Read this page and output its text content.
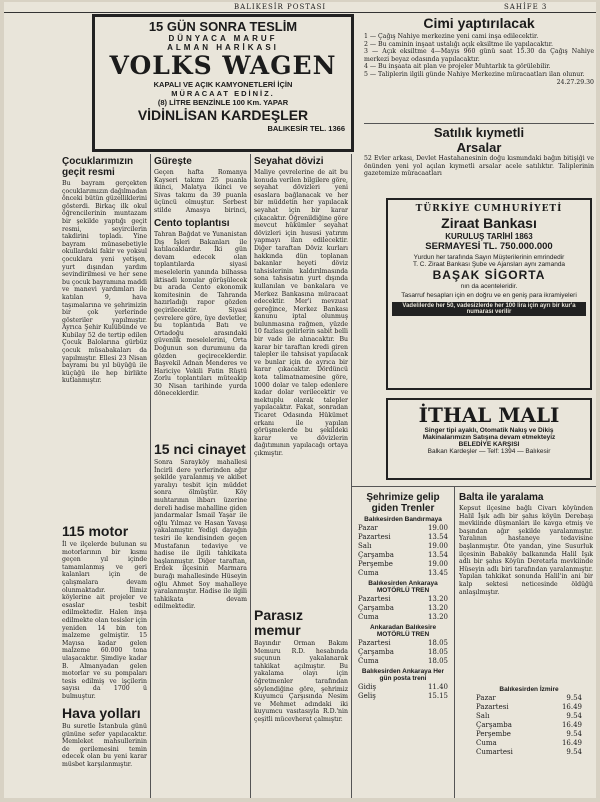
BALIKESİR POSTASI	SAHİFE 3

15 GÜN SONRA TESLİM

DÜNYACA MARUF

ALMAN HARİKASI

VOLKS WAGEN

KAPALI VE AÇIK KAMYONETLERİ İÇİN

MÜRACAAT EDİNİZ.

(8) LİTRE BENZİNLE 100 Km. YAPAR

VİDİNLİSAN KARDEŞLER

BALIKESİR TEL. 1366

Cimi yaptırılacak

1 — Çağış Nahiye merkezine yeni cami inşa edilecektir.

2 — Bu caminin inşaat ustalığı açık eksiltme ile yapılacaktır.

3 — Açık eksiltme 4—Mayıs 960 günü saat 15.30 da Çağış Nahiye merkezi beyaz odasında yapılacaktır.

4 — Bu inşaata ait plan ve projeler Muhtarlık ta görülebilir.

5 — Taliplerin ilgili günde Nahiye Merkezine müracaatları ilan olunur.

24.27.29.30

Satılık kıymetli

Arsalar

52 Evler arkası, Devlet Hastahanesinin doğu kısmındaki bağın bitişiği ve önünden yeni yol açılan kıymetli arsalar acele satılıktır. Taliplerinin gazetemize müracaatları

TÜRKİYE CUMHURİYETİ

Ziraat Bankası

KURULUŞ TARİHİ 1863

SERMAYESİ TL. 750.000.000

Yurdun her tarafında Sayın Müşterilerinin emrindedir

T. C. Ziraat Bankası Şube ve Ajansları aynı zamanda

BAŞAK SİGORTA

nın da acenteleridir.

Tasarruf hesapları için en doğru ve en geniş para ikramiyeleri

Vadelilerde her 50, vadesizlerde her 100 lira için ayrı bir kur'a numarası verilir

İTHAL MALI

Singer tipi ayaklı, Otomatik Nakış ve Dikiş

Makinalarımızın Satışına devam etmekteyiz

BELEDİYE KARŞISI

Balkan Kardeşler — Telf: 1394 — Balıkesir

Çocuklarımızın geçit resmi

Bu bayram gerçekten çocuklarımızın dağılmadan önceki bütün güzelliklerini gösterdi. Birkaç ilk okul öğrencilerinin muntazam bir şekilde yaptığı geçit resmi, seyircilerin takdirini topladı. Yine bayram münasebetiyle okullardaki fakir ve yoksul çocuklara yeni yetişen, yurt dışından yardım sevindirilmesi ve her sene bu çocuk bayramına maddi ve manevi yardımları ile katılan 9, hava taşımalarına ve şehrimizin bir çok yerlerinde gösteriler yapılmıştır. Ayrıca Şehir Kulübünde ve Kubilay 52 de tertip edilen Çocuk Balolarına gürbüz çocuk müsabakaları da yapılmıştır. Ellesi 23 Nisan bayramı bu yıl büyüğü ile küçüğü ile hep birlikte kutlanmıştır.

115 motor

İl ve ilçelerde bulunan su motorlarının bir kısmı geçen yıl içinde tamamlanmış ve geri kalanları için de çalışmalara devam olunmaktadır. İlimiz köylerine ait projeler ve esaslar tesbit edilmektedir. Halen inşa edilmekte olan tesisler için yeniden 14 bin ton malzeme gelmiştir. 15 Mayısa kadar gelen malzeme 60.000 tona ulaşacaktır. Şimdiye kadar B. Almanyadan gelen motorlar ve su pompaları tesis edilmiş ve işçilerin sayısı da 1700 ü bulmuştur.

Hava yolları

Bu suretle İstanbula günü gününe sefer yapılacaktır. Memleket mahsullerinin de gerilemesini temin edecek olan bu yeni karar müsbet karşılanmıştır.

Güreşte

Geçen hafta Romanya Kayseri takımı 25 puanla ikinci, Malatya ikinci ve Sivas takımı da 39 puanla üçüncü olmuştur. Serbest stilde Amasya birinci,

Cento toplantısı

Tahran Bağdat ve Yunanistan Dış İşleri Bakanları ile katılacaklardır. İki gün devam edecek olan toplantılarda siyasi meselelerin yanında bilhassa iktisadi konular görüşülecek bu arada Cento ekonomik komitesinin de Tahranda hazırladığı rapor gözden geçirilecektir. Siyasi çevrelere göre, üye devletler, bu toplantıda Batı ve Ortadoğu arasındaki güvenlik meselelerini, Orta Doğunun son durumunu da gözden geçireceklerdir. Başvekil Adnan Menderes ve Hariciye Vekili Fatin Rüştü Zorlu toplantıları müteakip 30 Nisan tarihinde yurda döneceklerdir.

15 nci cinayet

Sonra Sarayköy mahallesi İncirli dere yerlerinden ağır şekilde yaralanmış ve akibet yaralıyı tesbit için müddet sonra ölmüştür. Köy muhtarının ihbarı üzerine dereli hadise mahalline giden jandarmalar İsmail Yaşar ile oğlu Yılmaz ve Hasan Yavaşı yakalamıştır. Yedigi dayağın tesiri ile kendisinden geçen Mustafanın tedaviye ve hadise ile ilgili tahkikata başlanmıştır. Diğer taraftan, Erdek ilçesinin Marmara burağı mahallesinde Hüseyin oğlu Ahmet Soy mahalleye yaralanmıştır. Hadise ile ilgili tahkikata devam edilmektedir.

Seyahat dövizi

Maliye çevrelerine de ait bu konuda verilen bilgilere göre, seyahat dövizleri yeni esaslara bağlanacak ve her bir müddetin her yapılacak seyahat için bir karar çıkacaktır. Öğrenildiğine göre mevcut hükümler seyahat dövizleri için hususi yatırım yapmayı ilan edilecektir. Diğer taraftan Döviz kurları hakkında dün toplanan bakanlar heyeti döviz tahsislerinin kaldırılmasında sona tahsisatın yurt dışında kullanılan ve bankalara ve Merkez Bankasına müracaat edecektir. Mer'i mevzuat gereğince, Merkez Bankası kanunu iptal olunmuş bulunmasına rağmen, yüzde 10 fazlası gelirlerin sabit belli bir vade ile alınacaktır. Bu karar bir taraftan kredi giren talepler ile tahsisat yapılacak ve bunlar için de ayrıca bir karar çıkacaktır. Dördüncü kota talimatnamesine göre, 1000 dolar ve talep edenlere kadar dolar verilecektir ve mektuplu olarak talepler yapılacaktır. Fakat, sonradan Ticaret Odasında Hükümet erkanı ile yapılan görüşmelerde bu şekildeki karar ve dövizlerin dağıtımının yapılacağı ortaya çıkmıştır.

Parasız memur

Bayındır Orman Bakım Memuru R.D. hesabında suçunun yakalanarak tahkikat açılmıştır. Bu yakalama olayı için öğretmenler tarafından söylendiğine göre, şehrimiz Kuyumcu Çarşısında Nesim ve Mehmet adındaki iki kuyumcu vasıtasıyla R.D.'nin çeşitli mücevherat çalmıştır.

Şehrimize gelip giden Trenler
Balıkesirden Bandırmaya
Pazar	19.00
Pazartesi	13.54
Salı	19.00
Çarşamba	13.54
Perşembe	19.00
Cuma	13.45
Balıkesirden Ankaraya MOTÖRLÜ TREN
Pazartesi	13.20
Çarşamba	13.20
Cuma	13.20
Ankaradan Balıkesire MOTÖRLÜ TREN
Pazartesi	18.05
Çarşamba	18.05
Cuma	18.05
Balıkesirden Ankaraya Her gün posta treni
Gidiş	11.40
Geliş	15.15
Balta ile yaralama

Kepsut ilçesine bağlı Civarı köyünden Halil İşık adlı bir şahıs köyün Derebaşı mevkiinde düşmanları ile kavga etmiş ve başından ağır şekilde yaralanmıştır. Yaralının hastaneye tedavisine başlanmıştır. Öte yandan, yine Susurluk ilçesinin Babaköy balkanında Halil Işık adlı bir şahıs Köyün Deretarla mevkiinde Hüseyin adlı biri tarafından yaralanmıştır. Yapılan tahkikat sonunda Halil'in ani bir kalp sektesi neticesinde öldüğü anlaşılmıştır.

Balıkesirden İzmire
Pazar	9.54
Pazartesi	16.49
Salı	9.54
Çarşamba	16.49
Perşembe	9.54
Cuma	16.49
Cumartesi	9.54
